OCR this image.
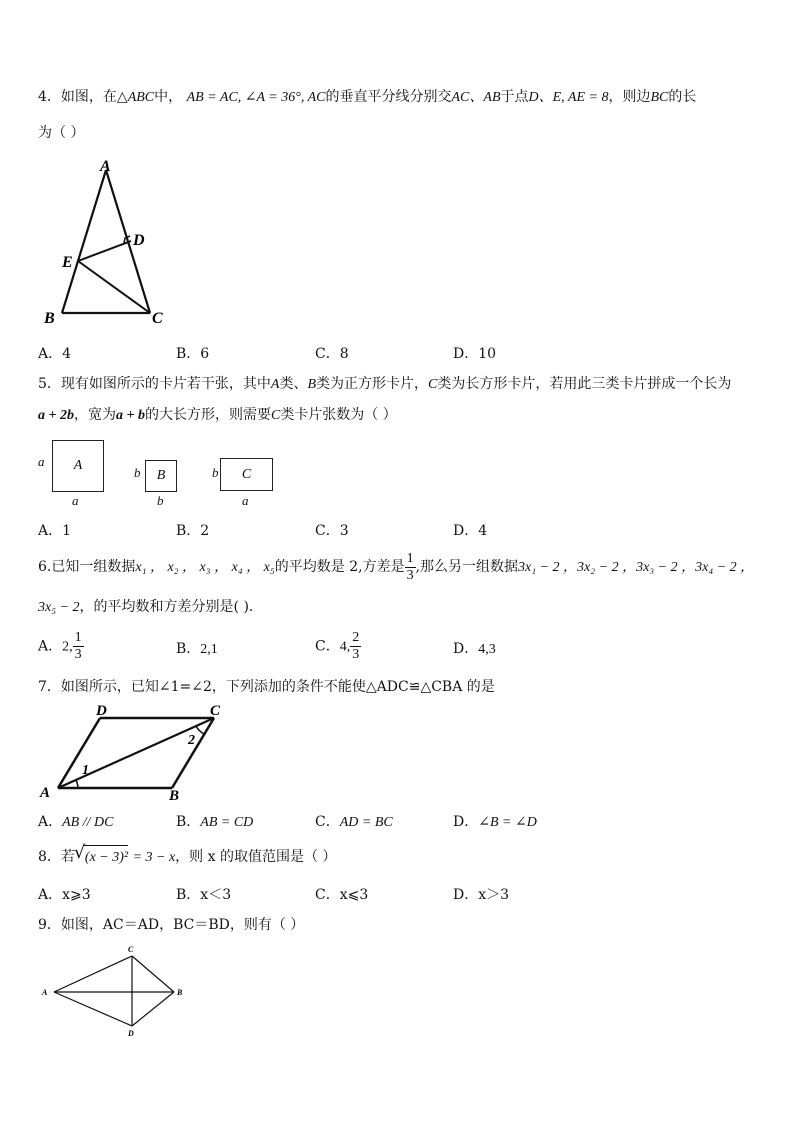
4．如图，在△ABC中， AB = AC, ∠A = 36°, AC的垂直平分线分别交AC、AB于点D、E, AE = 8，则边BC的长
为（ ）
A
B	C
D
E
A．4	B．6	C．8	D．10
5．现有如图所示的卡片若干张，其中A类、B类为正方形卡片，C类为长方形卡片，若用此三类卡片拼成一个长为
a + 2b，宽为a + b的大长方形，则需要C类卡片张数为（ ）
a A
a
b B
b
b C
a
A．1	B．2	C．3	D．4
6.已知一组数据x₁ ， x₂ ， x₃ ， x₄ ， x₅的平均数是 2,方差是 $\frac{1}{3}$ ,那么另一组数据3x₁ − 2 ，3x₂ − 2 ，3x₃ − 2 ，3x₄ − 2 ，
3x₅ − 2，的平均数和方差分别是( ).
A．2, $\frac{1}{3}$	B．2,1	C．4, $\frac{2}{3}$	D．4,3
7．如图所示，已知∠1=∠2，下列添加的条件不能使△ADC≌△CBA 的是
D	C
A	B
1
2
A．AB // DC	B．AB = CD	C．AD = BC	D．∠B = ∠D
8．若 √ (x − 3)² = 3 − x，则 x 的取值范围是（ ）
A．x⩾3	B．x＜3	C．x⩽3	D．x＞3
9．如图，AC＝AD，BC＝BD，则有（ ）
C
A	B
D
